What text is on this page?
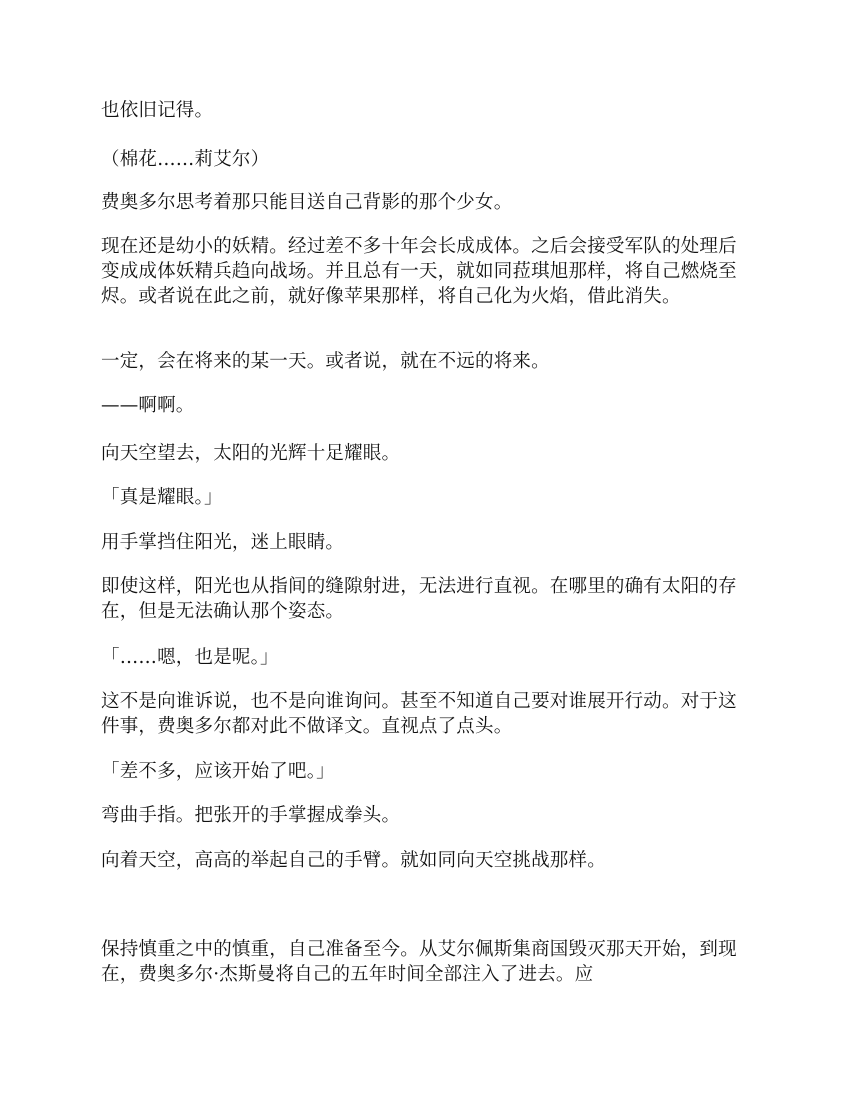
也依旧记得。

（棉花……莉艾尔）

费奥多尔思考着那只能目送自己背影的那个少女。

现在还是幼小的妖精。经过差不多十年会长成成体。之后会接受军队的处理后变成成体妖精兵趋向战场。并且总有一天，就如同菈琪旭那样，将自己燃烧至烬。或者说在此之前，就好像苹果那样，将自己化为火焰，借此消失。

一定，会在将来的某一天。或者说，就在不远的将来。

——啊啊。

向天空望去，太阳的光辉十足耀眼。

「真是耀眼。」

用手掌挡住阳光，迷上眼睛。

即使这样，阳光也从指间的缝隙射进，无法进行直视。在哪里的确有太阳的存在，但是无法确认那个姿态。

「……嗯，也是呢。」

这不是向谁诉说，也不是向谁询问。甚至不知道自己要对谁展开行动。对于这件事，费奥多尔都对此不做译文。直视点了点头。

「差不多，应该开始了吧。」

弯曲手指。把张开的手掌握成拳头。

向着天空，高高的举起自己的手臂。就如同向天空挑战那样。

保持慎重之中的慎重，自己准备至今。从艾尔佩斯集商国毁灭那天开始，到现在，费奥多尔·杰斯曼将自己的五年时间全部注入了进去。应
